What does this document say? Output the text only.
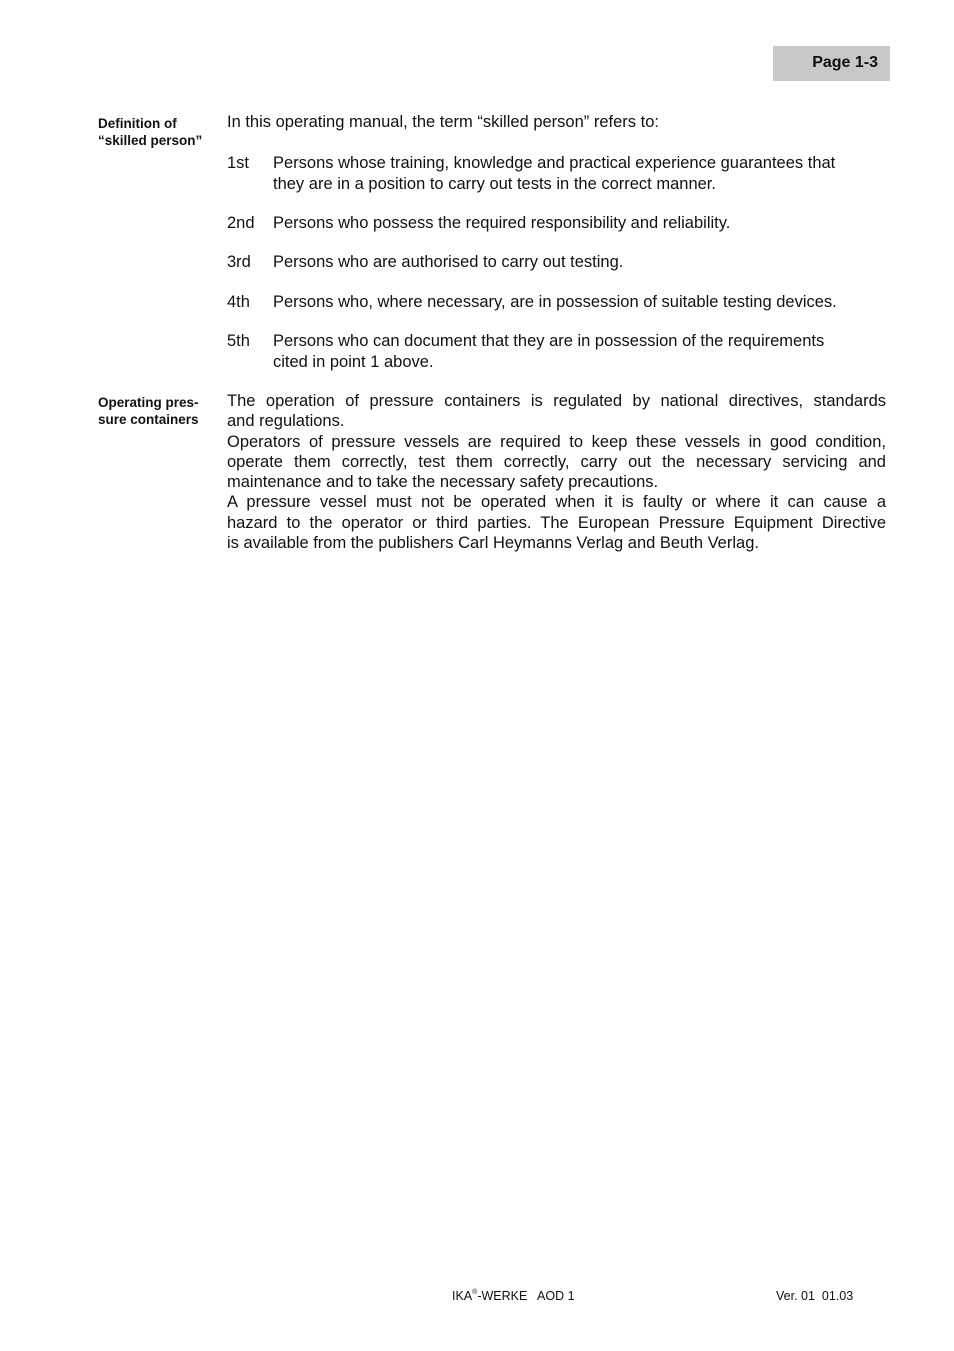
Page 1-3
Definition of
“skilled person”
In this operating manual, the term “skilled person” refers to:
1st	Persons whose training, knowledge and practical experience guarantees that
they are in a position to carry out tests in the correct manner.
2nd	Persons who possess the required responsibility and reliability.
3rd	Persons who are authorised to carry out testing.
4th	Persons who, where necessary, are in possession of suitable testing devices.
5th	Persons who can document that they are in possession of the requirements
cited in point 1 above.
Operating pres-
sure containers
The operation of pressure containers is regulated by national directives, standards
and regulations.
Operators of pressure vessels are required to keep these vessels in good condition,
operate them correctly, test them correctly, carry out the necessary servicing and
maintenance and to take the necessary safety precautions.
A pressure vessel must not be operated when it is faulty or where it can cause a
hazard to the operator or third parties. The European Pressure Equipment Directive
is available from the publishers Carl Heymanns Verlag and Beuth Verlag.
IKA®-WERKE   AOD 1	Ver. 01  01.03
